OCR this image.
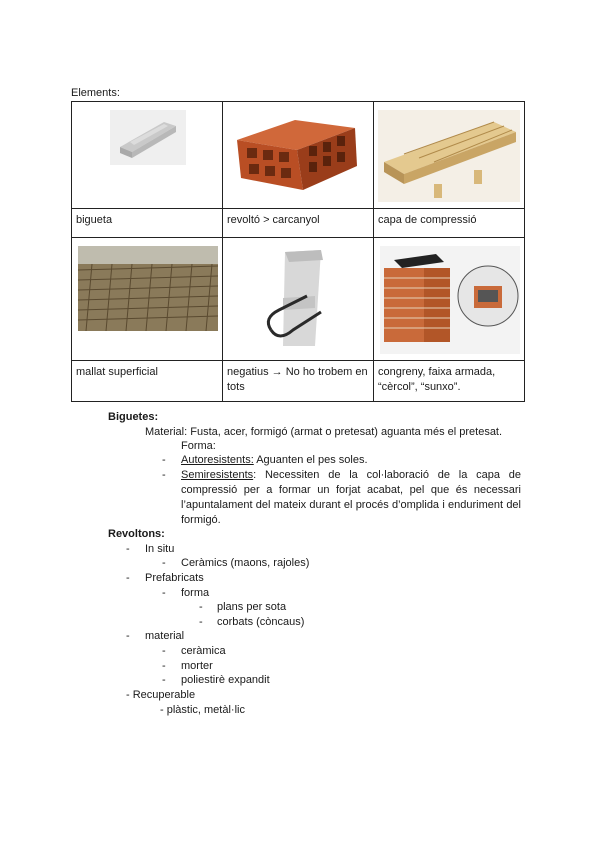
Elements:

bigueta	revoltó > carcanyol	capa de compressió

mallat superficial	negatius → No ho trobem en tots	congreny, faixa armada, “cèrcol”, “sunxo”.
Biguetes:
Material: Fusta, acer, formigó (armat o pretesat) aguanta més el pretesat.
Forma:
- Autoresistents: Aguanten el pes soles.
- Semiresistents: Necessiten de la col·laboració de la capa de compressió per a formar un forjat acabat, pel que és necessari l’apuntalament del mateix durant el procés d’omplida i enduriment del formigó.
Revoltons:
- In situ
- Ceràmics (maons, rajoles)
- Prefabricats
- forma
- plans per sota
- corbats (còncaus)
- material
- ceràmica
- morter
- poliestirè expandit
- Recuperable
- plàstic, metàl·lic
